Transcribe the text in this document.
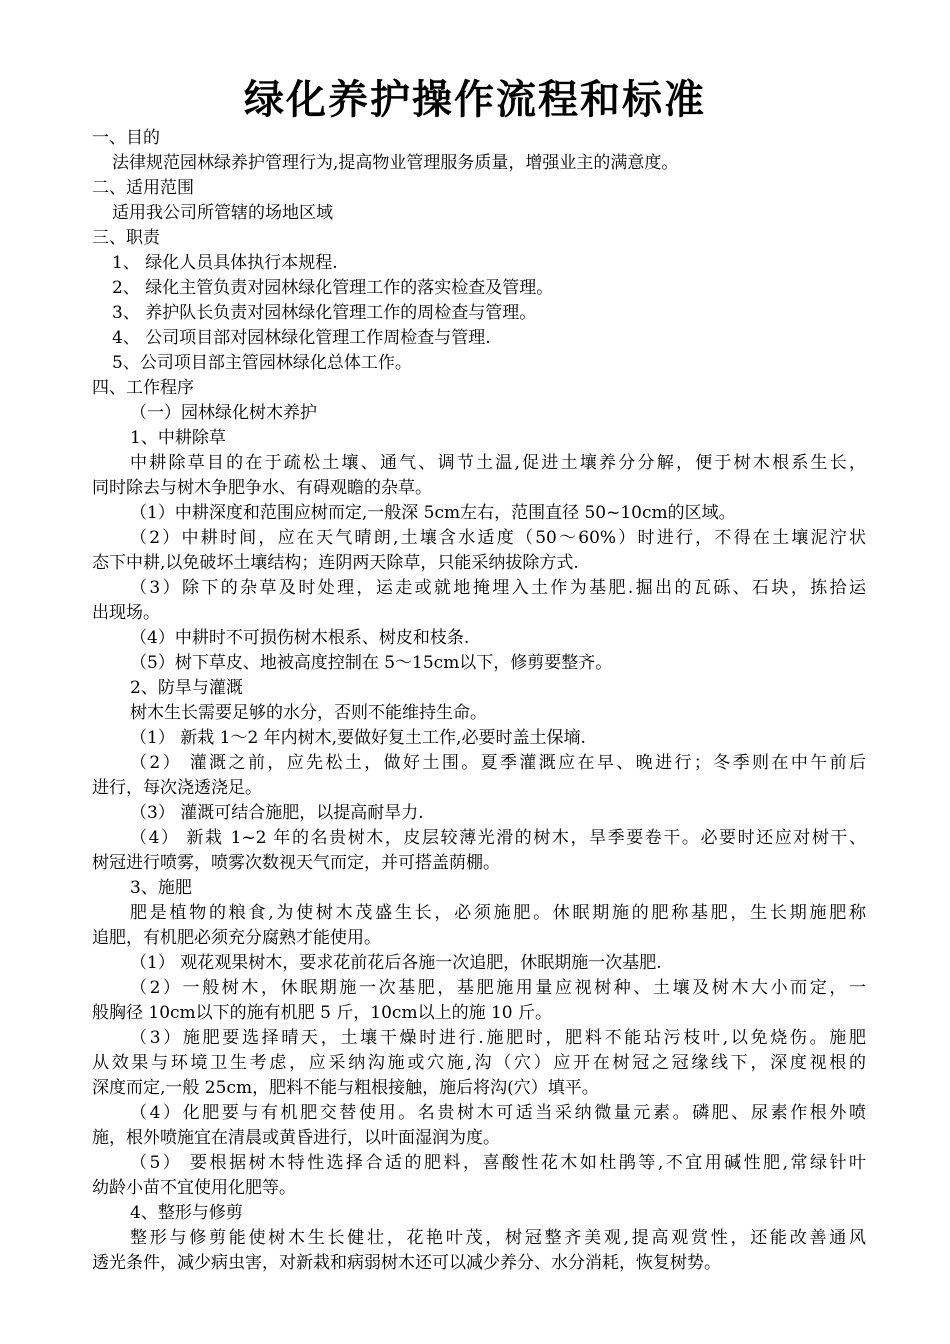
绿化养护操作流程和标准
一、目的
法律规范园林绿养护管理行为,提高物业管理服务质量，增强业主的满意度。
二、适用范围
适用我公司所管辖的场地区域
三、职责
1、 绿化人员具体执行本规程.
2、 绿化主管负责对园林绿化管理工作的落实检查及管理。
3、 养护队长负责对园林绿化管理工作的周检查与管理。
4、 公司项目部对园林绿化管理工作周检查与管理.
5、公司项目部主管园林绿化总体工作。
四、工作程序
（一）园林绿化树木养护
1、中耕除草
中耕除草目的在于疏松土壤、通气、调节土温,促进土壤养分分解，便于树木根系生长，
同时除去与树木争肥争水、有碍观瞻的杂草。
（1）中耕深度和范围应树而定,一般深 5cm左右，范围直径 50~10cm的区域。
（2）中耕时间，应在天气晴朗,土壤含水适度（50～60%）时进行，不得在土壤泥泞状
态下中耕,以免破坏土壤结构；连阴两天除草，只能采纳拔除方式.
（3）除下的杂草及时处理，运走或就地掩埋入土作为基肥.掘出的瓦砾、石块，拣拾运
出现场。
（4）中耕时不可损伤树木根系、树皮和枝条.
（5）树下草皮、地被高度控制在 5～15cm以下，修剪要整齐。
2、防旱与灌溉
树木生长需要足够的水分，否则不能维持生命。
（1） 新栽 1～2 年内树木,要做好复土工作,必要时盖土保墒.
（2） 灌溉之前，应先松土，做好土围。夏季灌溉应在早、晚进行；冬季则在中午前后
进行，每次浇透浇足。
（3） 灌溉可结合施肥，以提高耐旱力.
（4） 新栽 1~2 年的名贵树木，皮层较薄光滑的树木，旱季要卷干。必要时还应对树干、
树冠进行喷雾，喷雾次数视天气而定，并可搭盖荫棚。
3、施肥
肥是植物的粮食,为使树木茂盛生长，必须施肥。休眠期施的肥称基肥，生长期施肥称
追肥，有机肥必须充分腐熟才能使用。
（1） 观花观果树木，要求花前花后各施一次追肥，休眠期施一次基肥.
（2）一般树木，休眠期施一次基肥，基肥施用量应视树种、土壤及树木大小而定，一
般胸径 10cm以下的施有机肥 5 斤，10cm以上的施 10 斤。
（3）施肥要选择晴天，土壤干燥时进行.施肥时，肥料不能玷污枝叶,以免烧伤。施肥
从效果与环境卫生考虑，应采纳沟施或穴施,沟（穴）应开在树冠之冠缘线下，深度视根的
深度而定,一般 25cm，肥料不能与粗根接触，施后将沟(穴）填平。
（4）化肥要与有机肥交替使用。名贵树木可适当采纳微量元素。磷肥、尿素作根外喷
施，根外喷施宜在清晨或黄昏进行，以叶面湿润为度。
（5） 要根据树木特性选择合适的肥料，喜酸性花木如杜鹃等,不宜用碱性肥,常绿针叶
幼龄小苗不宜使用化肥等。
4、整形与修剪
整形与修剪能使树木生长健壮，花艳叶茂，树冠整齐美观,提高观赏性，还能改善通风
透光条件，减少病虫害，对新栽和病弱树木还可以减少养分、水分消耗，恢复树势。
